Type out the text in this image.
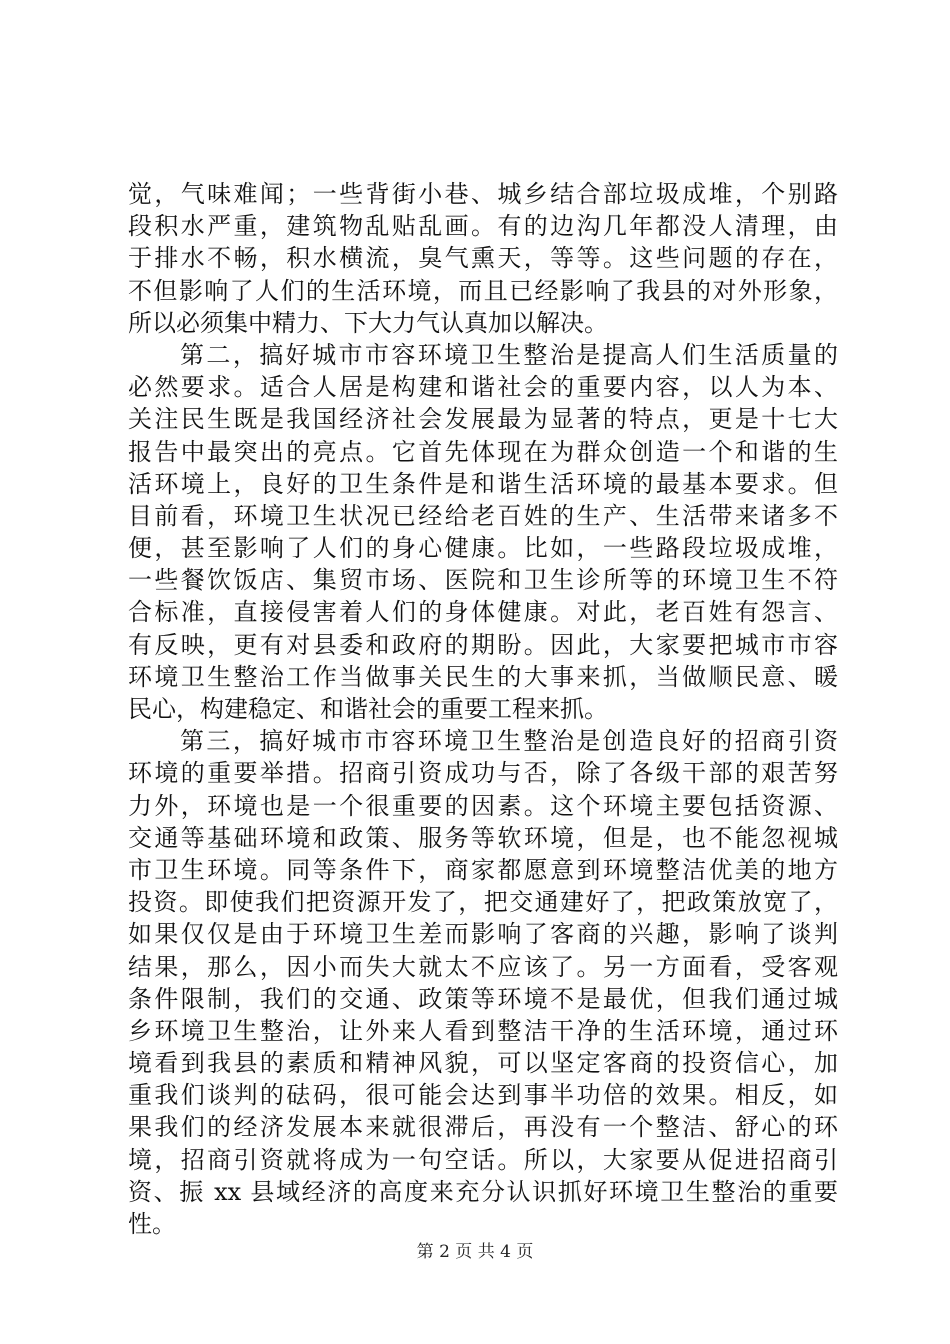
觉，气味难闻；一些背街小巷、城乡结合部垃圾成堆，个别路
段积水严重，建筑物乱贴乱画。有的边沟几年都没人清理，由
于排水不畅，积水横流，臭气熏天，等等。这些问题的存在，
不但影响了人们的生活环境，而且已经影响了我县的对外形象，
所以必须集中精力、下大力气认真加以解决。
第二，搞好城市市容环境卫生整治是提高人们生活质量的
必然要求。适合人居是构建和谐社会的重要内容，以人为本、
关注民生既是我国经济社会发展最为显著的特点，更是十七大
报告中最突出的亮点。它首先体现在为群众创造一个和谐的生
活环境上，良好的卫生条件是和谐生活环境的最基本要求。但
目前看，环境卫生状况已经给老百姓的生产、生活带来诸多不
便，甚至影响了人们的身心健康。比如，一些路段垃圾成堆，
一些餐饮饭店、集贸市场、医院和卫生诊所等的环境卫生不符
合标准，直接侵害着人们的身体健康。对此，老百姓有怨言、
有反映，更有对县委和政府的期盼。因此，大家要把城市市容
环境卫生整治工作当做事关民生的大事来抓，当做顺民意、暖
民心，构建稳定、和谐社会的重要工程来抓。
第三，搞好城市市容环境卫生整治是创造良好的招商引资
环境的重要举措。招商引资成功与否，除了各级干部的艰苦努
力外，环境也是一个很重要的因素。这个环境主要包括资源、
交通等基础环境和政策、服务等软环境，但是，也不能忽视城
市卫生环境。同等条件下，商家都愿意到环境整洁优美的地方
投资。即使我们把资源开发了，把交通建好了，把政策放宽了，
如果仅仅是由于环境卫生差而影响了客商的兴趣，影响了谈判
结果，那么，因小而失大就太不应该了。另一方面看，受客观
条件限制，我们的交通、政策等环境不是最优，但我们通过城
乡环境卫生整治，让外来人看到整洁干净的生活环境，通过环
境看到我县的素质和精神风貌，可以坚定客商的投资信心，加
重我们谈判的砝码，很可能会达到事半功倍的效果。相反，如
果我们的经济发展本来就很滞后，再没有一个整洁、舒心的环
境，招商引资就将成为一句空话。所以，大家要从促进招商引
资、振 xx 县域经济的高度来充分认识抓好环境卫生整治的重要
性。
第 2 页 共 4 页
